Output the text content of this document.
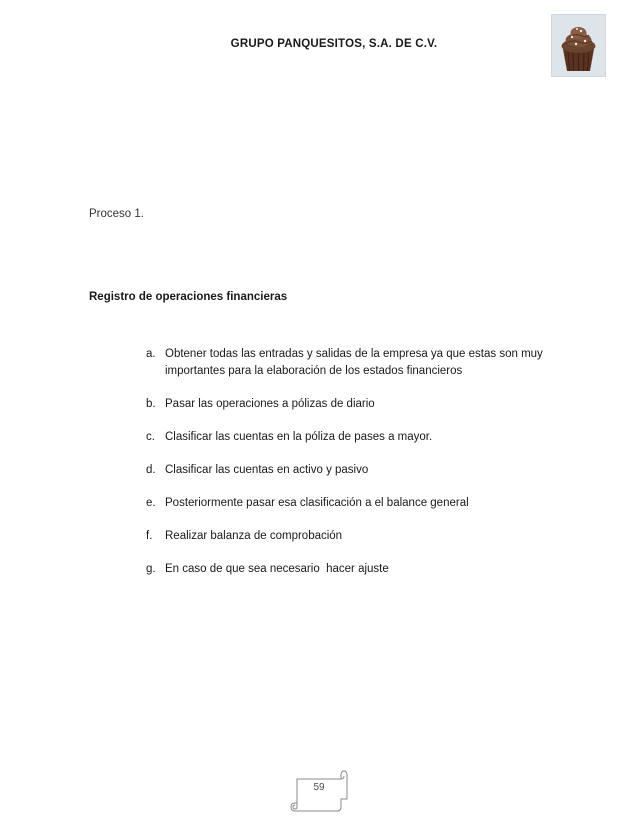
GRUPO PANQUESITOS, S.A. DE C.V.
Proceso 1.
Registro de operaciones financieras
a. Obtener todas las entradas y salidas de la empresa ya que estas son muy importantes para la elaboración de los estados financieros
b. Pasar las operaciones a pólizas de diario
c. Clasificar las cuentas en la póliza de pases a mayor.
d. Clasificar las cuentas en activo y pasivo
e. Posteriormente pasar esa clasificación a el balance general
f. Realizar balanza de comprobación
g. En caso de que sea necesario  hacer ajuste
59
